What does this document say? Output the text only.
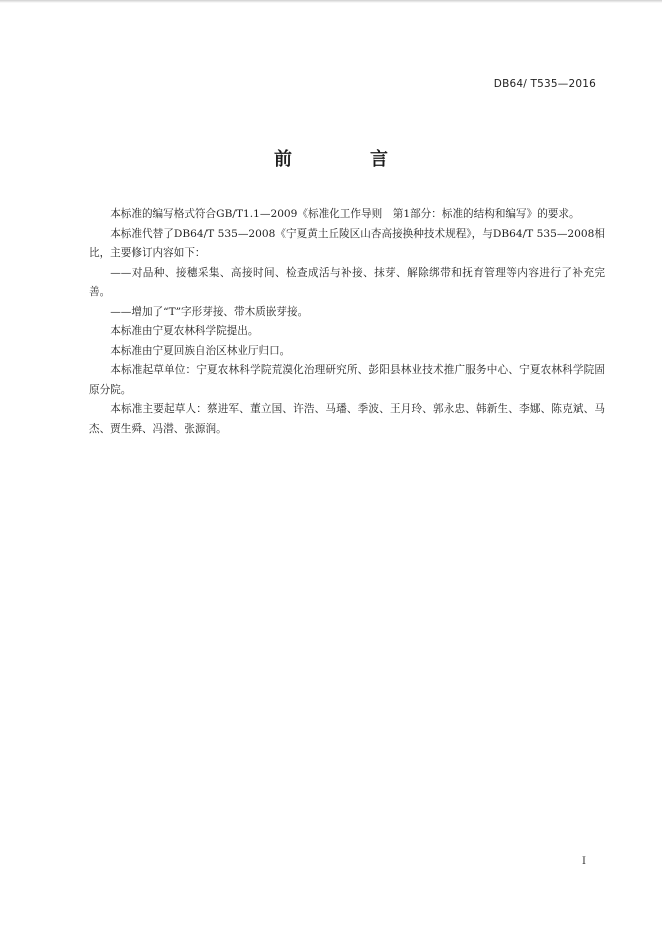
DB64/ T535—2016
前　言

本标准的编写格式符合GB/T1.1—2009《标准化工作导则　第1部分：标准的结构和编写》的要求。

本标准代替了DB64/T 535—2008《宁夏黄土丘陵区山杏高接换种技术规程》，与DB64/T 535—2008相比，主要修订内容如下：

——对品种、接穗采集、高接时间、检查成活与补接、抹芽、解除绑带和抚育管理等内容进行了补充完善。

——增加了“T”字形芽接、带木质嵌芽接。

本标准由宁夏农林科学院提出。

本标准由宁夏回族自治区林业厅归口。

本标准起草单位：宁夏农林科学院荒漠化治理研究所、彭阳县林业技术推广服务中心、宁夏农林科学院固原分院。

本标准主要起草人：蔡进军、董立国、许浩、马璠、季波、王月玲、郭永忠、韩新生、李娜、陈克斌、马杰、贾生舜、冯潜、张源润。

I
